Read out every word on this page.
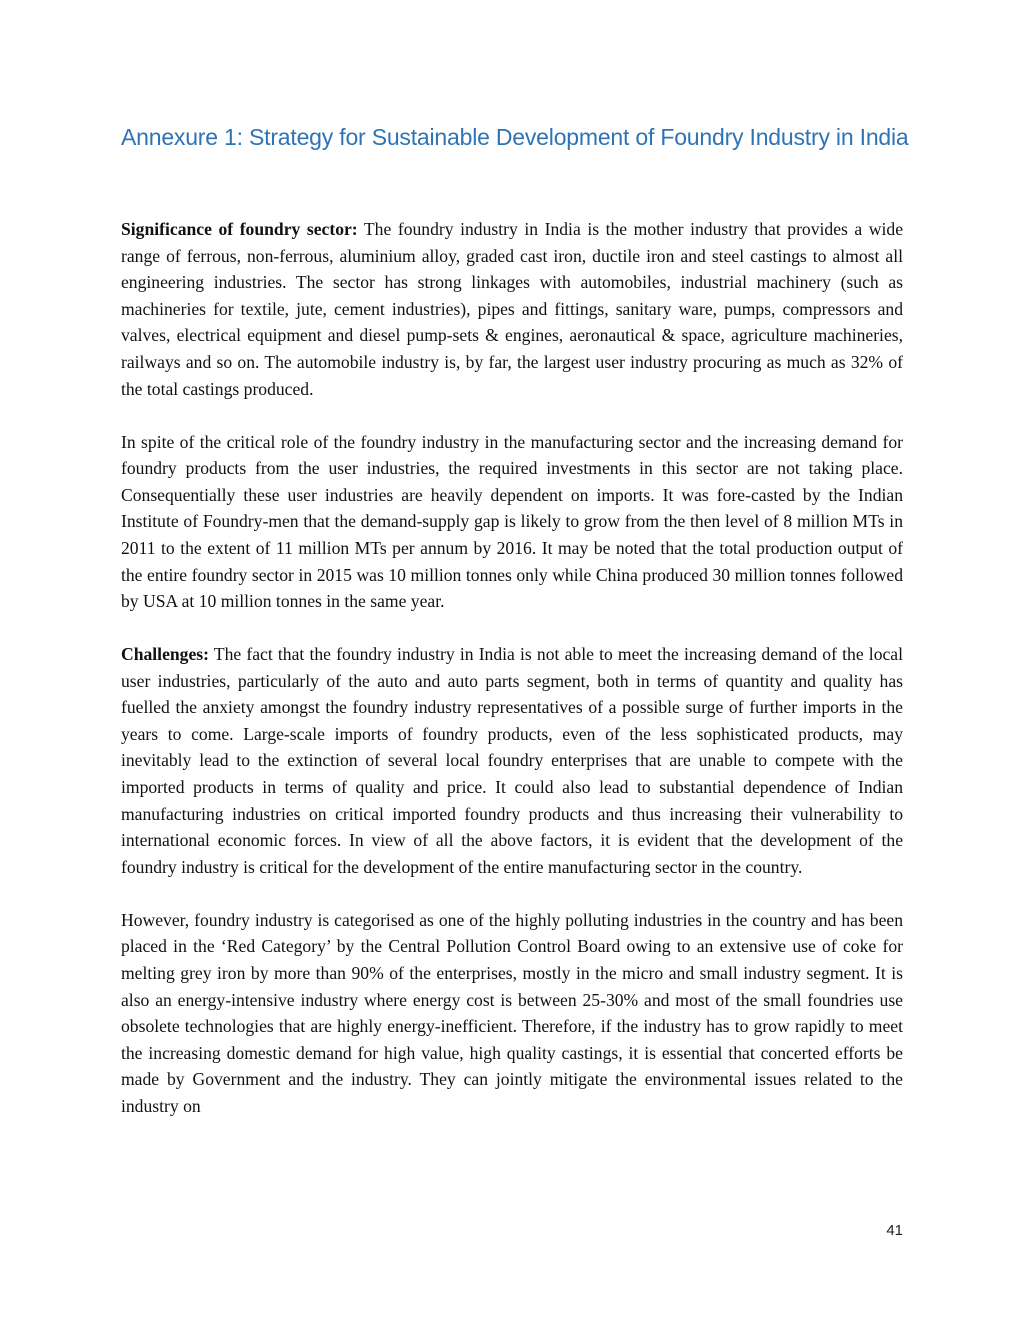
Annexure 1: Strategy for Sustainable Development of Foundry Industry in India

Significance of foundry sector: The foundry industry in India is the mother industry that provides a wide range of ferrous, non-ferrous, aluminium alloy, graded cast iron, ductile iron and steel castings to almost all engineering industries. The sector has strong linkages with automobiles, industrial machinery (such as machineries for textile, jute, cement industries), pipes and fittings, sanitary ware, pumps, compressors and valves, electrical equipment and diesel pump-sets & engines, aeronautical & space, agriculture machineries, railways and so on. The automobile industry is, by far, the largest user industry procuring as much as 32% of the total castings produced.

In spite of the critical role of the foundry industry in the manufacturing sector and the increasing demand for foundry products from the user industries, the required investments in this sector are not taking place. Consequentially these user industries are heavily dependent on imports. It was fore-casted by the Indian Institute of Foundry-men that the demand-supply gap is likely to grow from the then level of 8 million MTs in 2011 to the extent of 11 million MTs per annum by 2016. It may be noted that the total production output of the entire foundry sector in 2015 was 10 million tonnes only while China produced 30 million tonnes followed by USA at 10 million tonnes in the same year.

Challenges: The fact that the foundry industry in India is not able to meet the increasing demand of the local user industries, particularly of the auto and auto parts segment, both in terms of quantity and quality has fuelled the anxiety amongst the foundry industry representatives of a possible surge of further imports in the years to come. Large-scale imports of foundry products, even of the less sophisticated products, may inevitably lead to the extinction of several local foundry enterprises that are unable to compete with the imported products in terms of quality and price. It could also lead to substantial dependence of Indian manufacturing industries on critical imported foundry products and thus increasing their vulnerability to international economic forces. In view of all the above factors, it is evident that the development of the foundry industry is critical for the development of the entire manufacturing sector in the country.

However, foundry industry is categorised as one of the highly polluting industries in the country and has been placed in the ‘Red Category’ by the Central Pollution Control Board owing to an extensive use of coke for melting grey iron by more than 90% of the enterprises, mostly in the micro and small industry segment. It is also an energy-intensive industry where energy cost is between 25-30% and most of the small foundries use obsolete technologies that are highly energy-inefficient. Therefore, if the industry has to grow rapidly to meet the increasing domestic demand for high value, high quality castings, it is essential that concerted efforts be made by Government and the industry. They can jointly mitigate the environmental issues related to the industry on

41
